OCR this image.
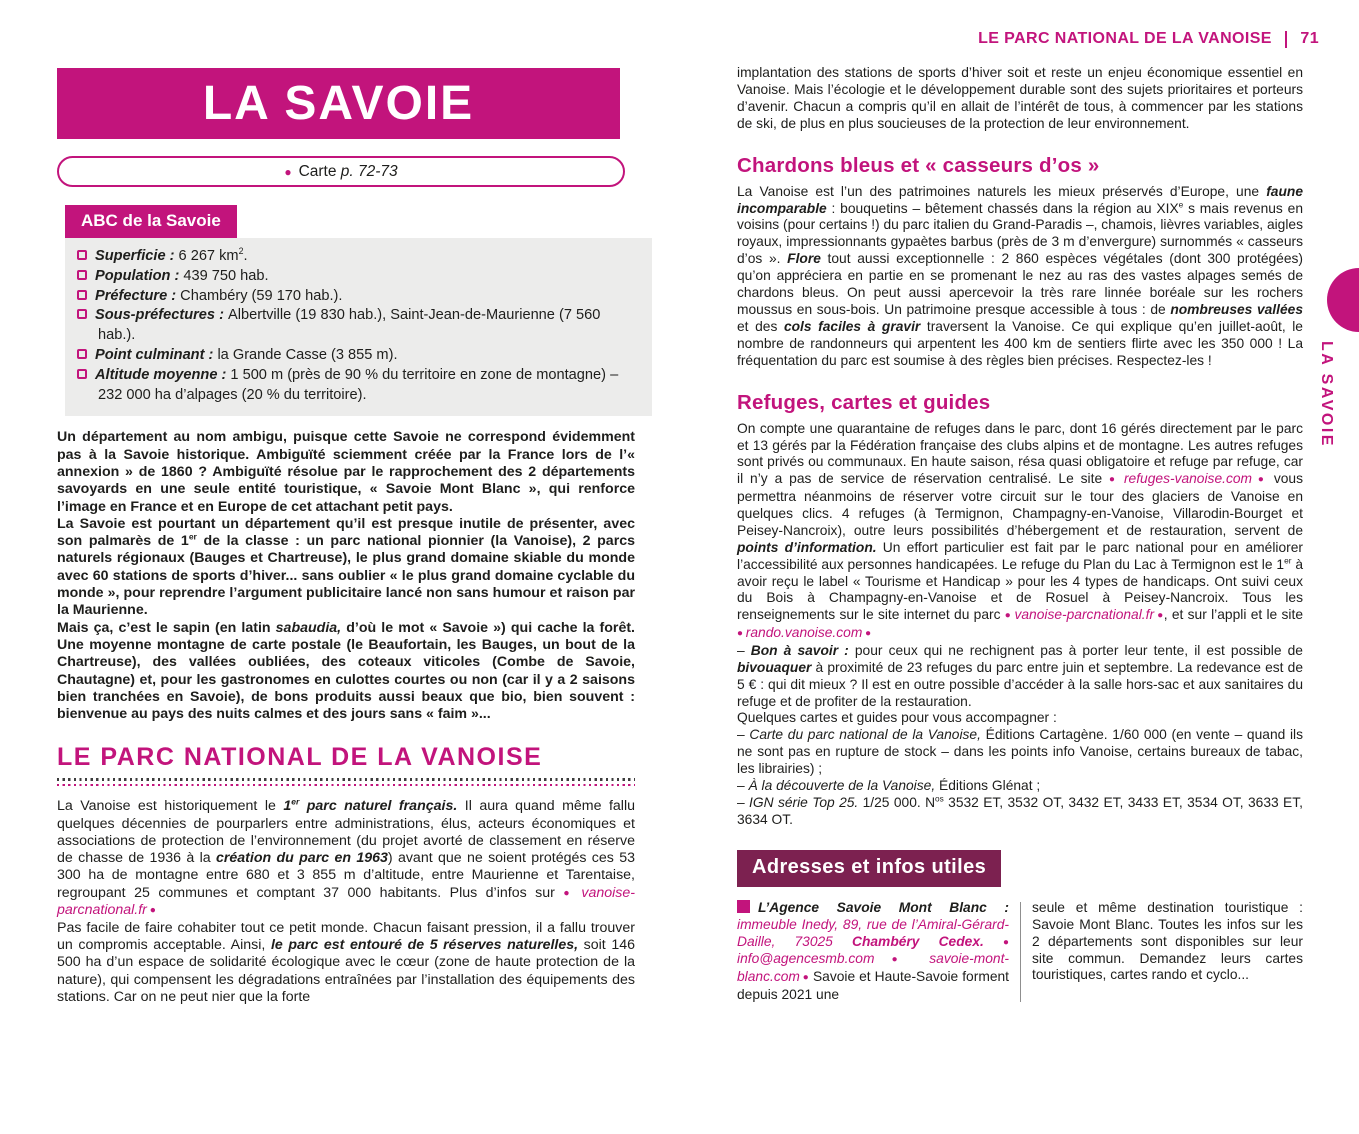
LA SAVOIE
● Carte
p. 72-73
ABC de la Savoie
Superficie : 6 267 $km^2$.
Population : 439 750 hab.
Préfecture : Chambéry (59 170 hab.).
Sous-préfectures : Albertville (19 830 hab.), Saint-Jean-de-Maurienne (7 560 hab.).
Point culminant : la Grande Casse (3 855 m).
Altitude moyenne : 1 500 m (près de 90 % du territoire en zone de montagne) – 232 000 ha d’alpages (20 % du territoire).

Un département au nom ambigu, puisque cette Savoie ne correspond évidemment pas à la Savoie historique. Ambiguïté sciemment créée par la France lors de l’« annexion » de 1860 ? Ambiguïté résolue par le rapprochement des 2 départements savoyards en une seule entité touristique, « Savoie Mont Blanc », qui renforce l’image en France et en Europe de cet attachant petit pays.

La Savoie est pourtant un département qu’il est presque inutile de présenter, avec son palmarès de 1er de la classe : un parc national pionnier (la Vanoise), 2 parcs naturels régionaux (Bauges et Chartreuse), le plus grand domaine skiable du monde avec 60 stations de sports d’hiver... sans oublier « le plus grand domaine cyclable du monde », pour reprendre l’argument publicitaire lancé non sans humour et raison par la Maurienne.

Mais ça, c’est le sapin (en latin sabaudia, d’où le mot « Savoie ») qui cache la forêt. Une moyenne montagne de carte postale (le Beaufortain, les Bauges, un bout de la Chartreuse), des vallées oubliées, des coteaux viticoles (Combe de Savoie, Chautagne) et, pour les gastronomes en culottes courtes ou non (car il y a 2 saisons bien tranchées en Savoie), de bons produits aussi beaux que bio, bien souvent : bienvenue au pays des nuits calmes et des jours sans « faim »...

LE PARC NATIONAL DE LA VANOISE

La Vanoise est historiquement le 1er parc naturel français. Il aura quand même fallu quelques décennies de pourparlers entre administrations, élus, acteurs économiques et associations de protection de l’environnement (du projet avorté de classement en réserve de chasse de 1936 à la création du parc en 1963) avant que ne soient protégés ces 53 300 ha de montagne entre 680 et 3 855 m d’altitude, entre Maurienne et Tarentaise, regroupant 25 communes et comptant 37 000 habitants. Plus d’infos sur ● vanoise-parcnational.fr ●

Pas facile de faire cohabiter tout ce petit monde. Chacun faisant pression, il a fallu trouver un compromis acceptable. Ainsi, le parc est entouré de 5 réserves naturelles, soit 146 500 ha d’un espace de solidarité écologique avec le cœur (zone de haute protection de la nature), qui compensent les dégradations entraînées par l’installation des équipements des stations. Car on ne peut nier que la forte

LE PARC NATIONAL DE LA VANOISE 71

implantation des stations de sports d’hiver soit et reste un enjeu économique essentiel en Vanoise. Mais l’écologie et le développement durable sont des sujets prioritaires et porteurs d’avenir. Chacun a compris qu’il en allait de l’intérêt de tous, à commencer par les stations de ski, de plus en plus soucieuses de la protection de leur environnement.

Chardons bleus et « casseurs d’os »

La Vanoise est l’un des patrimoines naturels les mieux préservés d’Europe, une faune incomparable : bouquetins – bêtement chassés dans la région au XIXe s mais revenus en voisins (pour certains !) du parc italien du Grand-Paradis –, chamois, lièvres variables, aigles royaux, impressionnants gypaètes barbus (près de 3 m d’envergure) surnommés « casseurs d’os ». Flore tout aussi exceptionnelle : 2 860 espèces végétales (dont 300 protégées) qu’on appréciera en partie en se promenant le nez au ras des vastes alpages semés de chardons bleus. On peut aussi apercevoir la très rare linnée boréale sur les rochers moussus en sous-bois. Un patrimoine presque accessible à tous : de nombreuses vallées et des cols faciles à gravir traversent la Vanoise. Ce qui explique qu’en juillet-août, le nombre de randonneurs qui arpentent les 400 km de sentiers flirte avec les 350 000 ! La fréquentation du parc est soumise à des règles bien précises. Respectez-les !

Refuges, cartes et guides

On compte une quarantaine de refuges dans le parc, dont 16 gérés directement par le parc et 13 gérés par la Fédération française des clubs alpins et de montagne. Les autres refuges sont privés ou communaux. En haute saison, résa quasi obligatoire et refuge par refuge, car il n’y a pas de service de réservation centralisé. Le site ● refuges-vanoise.com ● vous permettra néanmoins de réserver votre circuit sur le tour des glaciers de Vanoise en quelques clics. 4 refuges (à Termignon, Champagny-en-Vanoise, Villarodin-Bourget et Peisey-Nancroix), outre leurs possibilités d’hébergement et de restauration, servent de points d’information. Un effort particulier est fait par le parc national pour en améliorer l’accessibilité aux personnes handicapées. Le refuge du Plan du Lac à Termignon est le 1er à avoir reçu le label « Tourisme et Handicap » pour les 4 types de handicaps. Ont suivi ceux du Bois à Champagny-en-Vanoise et de Rosuel à Peisey-Nancroix. Tous les renseignements sur le site internet du parc ● vanoise-parcnational.fr ●, et sur l’appli et le site ● rando.vanoise.com ●

– Bon à savoir : pour ceux qui ne rechignent pas à porter leur tente, il est possible de bivouaquer à proximité de 23 refuges du parc entre juin et septembre. La redevance est de 5 € : qui dit mieux ? Il est en outre possible d’accéder à la salle hors-sac et aux sanitaires du refuge et de profiter de la restauration.

Quelques cartes et guides pour vous accompagner :

– Carte du parc national de la Vanoise, Éditions Cartagène. 1/60 000 (en vente – quand ils ne sont pas en rupture de stock – dans les points info Vanoise, certains bureaux de tabac, les librairies) ;

– À la découverte de la Vanoise, Éditions Glénat ;

– IGN série Top 25. 1/25 000. $N^{os}$ 3532 ET, 3532 OT, 3432 ET, 3433 ET, 3534 OT, 3633 ET, 3634 OT.

Adresses et infos utiles

L’Agence Savoie Mont Blanc : immeuble Inedy, 89, rue de l’Amiral-Gérard-Daille, 73025 Chambéry Cedex. ● info@agencesmb.com ● savoie-mont-blanc.com ● Savoie et Haute-Savoie forment depuis 2021 une

seule et même destination touristique : Savoie Mont Blanc. Toutes les infos sur les 2 départements sont disponibles sur leur site commun. Demandez leurs cartes touristiques, cartes rando et cyclo...

LA SAVOIE
